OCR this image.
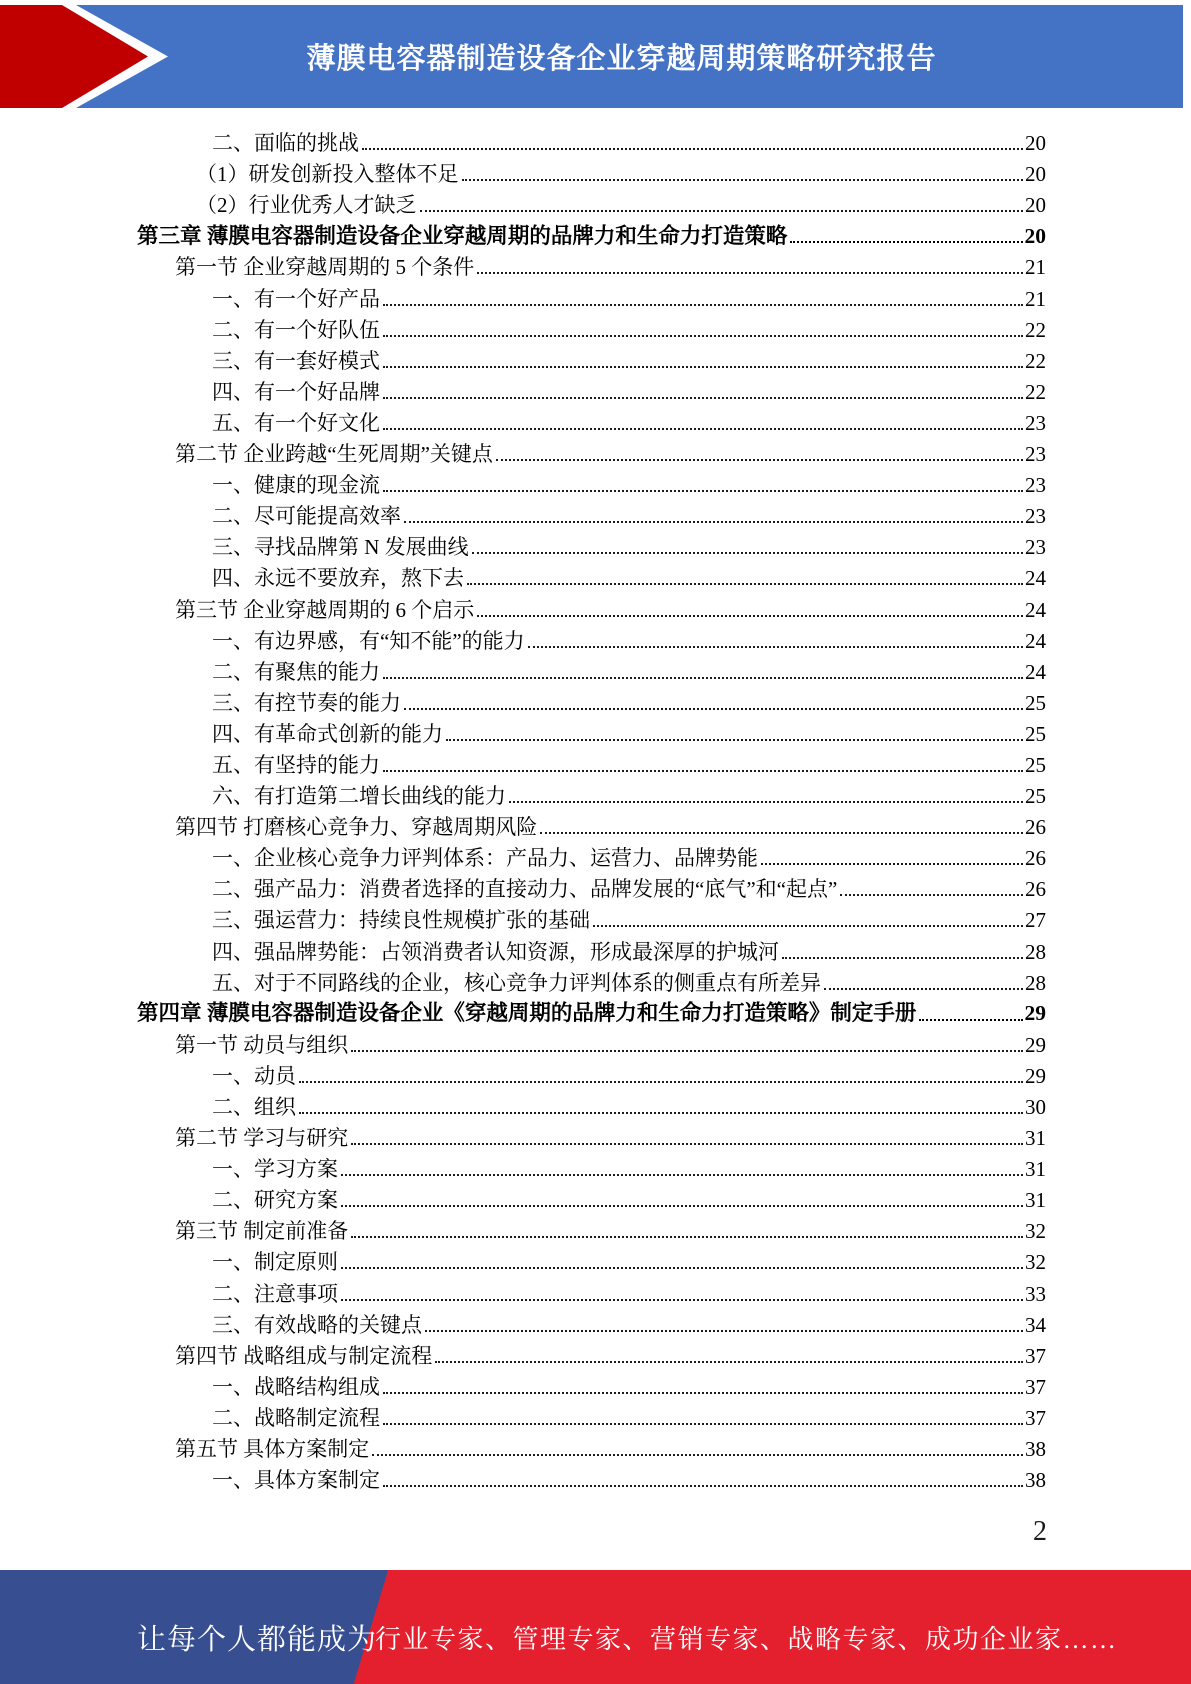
薄膜电容器制造设备企业穿越周期策略研究报告
二、面临的挑战	20
（1）研发创新投入整体不足	20
（2）行业优秀人才缺乏	20
第三章 薄膜电容器制造设备企业穿越周期的品牌力和生命力打造策略	20
第一节 企业穿越周期的 5 个条件	21
一、有一个好产品	21
二、有一个好队伍	22
三、有一套好模式	22
四、有一个好品牌	22
五、有一个好文化	23
第二节 企业跨越“生死周期”关键点	23
一、健康的现金流	23
二、尽可能提高效率	23
三、寻找品牌第 N 发展曲线	23
四、永远不要放弃，熬下去	24
第三节 企业穿越周期的 6 个启示	24
一、有边界感，有“知不能”的能力	24
二、有聚焦的能力	24
三、有控节奏的能力	25
四、有革命式创新的能力	25
五、有坚持的能力	25
六、有打造第二增长曲线的能力	25
第四节 打磨核心竞争力、穿越周期风险	26
一、企业核心竞争力评判体系：产品力、运营力、品牌势能	26
二、强产品力：消费者选择的直接动力、品牌发展的“底气”和“起点”	26
三、强运营力：持续良性规模扩张的基础	27
四、强品牌势能：占领消费者认知资源，形成最深厚的护城河	28
五、对于不同路线的企业，核心竞争力评判体系的侧重点有所差异	28
第四章 薄膜电容器制造设备企业《穿越周期的品牌力和生命力打造策略》制定手册	29
第一节 动员与组织	29
一、动员	29
二、组织	30
第二节 学习与研究	31
一、学习方案	31
二、研究方案	31
第三节 制定前准备	32
一、制定原则	32
二、注意事项	33
三、有效战略的关键点	34
第四节 战略组成与制定流程	37
一、战略结构组成	37
二、战略制定流程	37
第五节 具体方案制定	38
一、具体方案制定	38
2
让每个人都能成为
行业专家、管理专家、营销专家、战略专家、成功企业家……
